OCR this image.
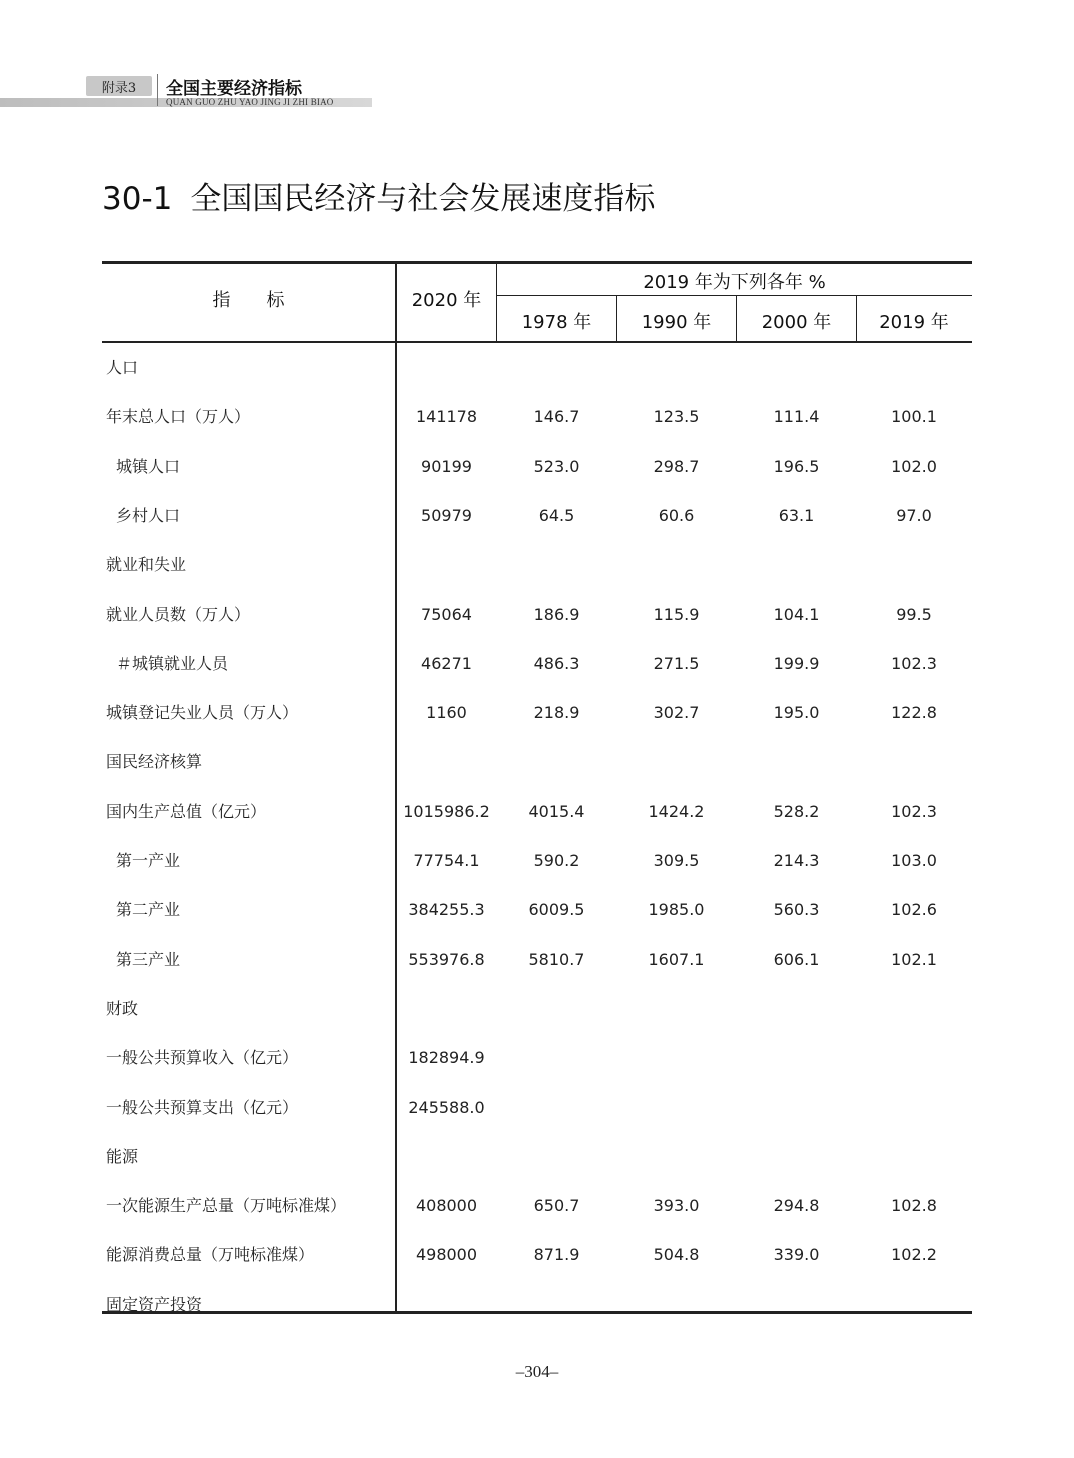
附录3	全国主要经济指标
QUAN GUO ZHU YAO JING JI ZHI BIAO
30-1 全国国民经济与社会发展速度指标
指　　标	2020 年
2019 年为下列各年 %
1978 年	1990 年	2000 年	2019 年
人口
年末总人口（万人）	141178	146.7	123.5	111.4	100.1
城镇人口	90199	523.0	298.7	196.5	102.0
乡村人口	50979	64.5	60.6	63.1	97.0
就业和失业
就业人员数（万人）	75064	186.9	115.9	104.1	99.5
＃城镇就业人员	46271	486.3	271.5	199.9	102.3
城镇登记失业人员（万人）	1160	218.9	302.7	195.0	122.8
国民经济核算
国内生产总值（亿元）	1015986.2	4015.4	1424.2	528.2	102.3
第一产业	77754.1	590.2	309.5	214.3	103.0
第二产业	384255.3	6009.5	1985.0	560.3	102.6
第三产业	553976.8	5810.7	1607.1	606.1	102.1
财政
一般公共预算收入（亿元）	182894.9
一般公共预算支出（亿元）	245588.0
能源
一次能源生产总量（万吨标准煤）	408000	650.7	393.0	294.8	102.8
能源消费总量（万吨标准煤）	498000	871.9	504.8	339.0	102.2
固定资产投资
–304–
